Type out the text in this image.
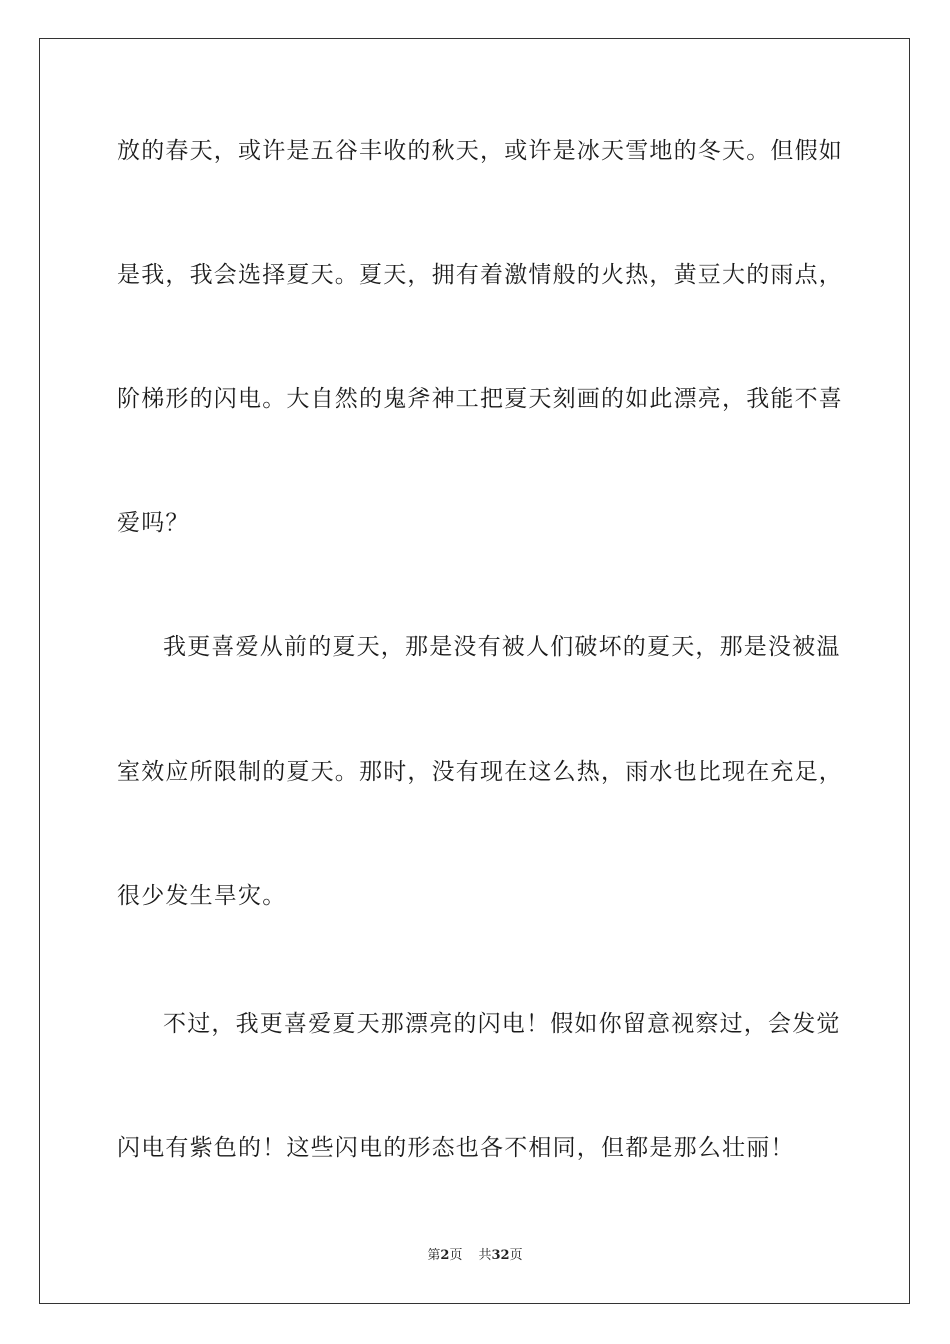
放的春天，或许是五谷丰收的秋天，或许是冰天雪地的冬天。但假如
是我，我会选择夏天。夏天，拥有着激情般的火热，黄豆大的雨点，
阶梯形的闪电。大自然的鬼斧神工把夏天刻画的如此漂亮，我能不喜
爱吗？
我更喜爱从前的夏天，那是没有被人们破坏的夏天，那是没被温
室效应所限制的夏天。那时，没有现在这么热，雨水也比现在充足，
很少发生旱灾。
不过，我更喜爱夏天那漂亮的闪电！假如你留意视察过，会发觉
闪电有紫色的！这些闪电的形态也各不相同，但都是那么壮丽！
第2页 共32页
